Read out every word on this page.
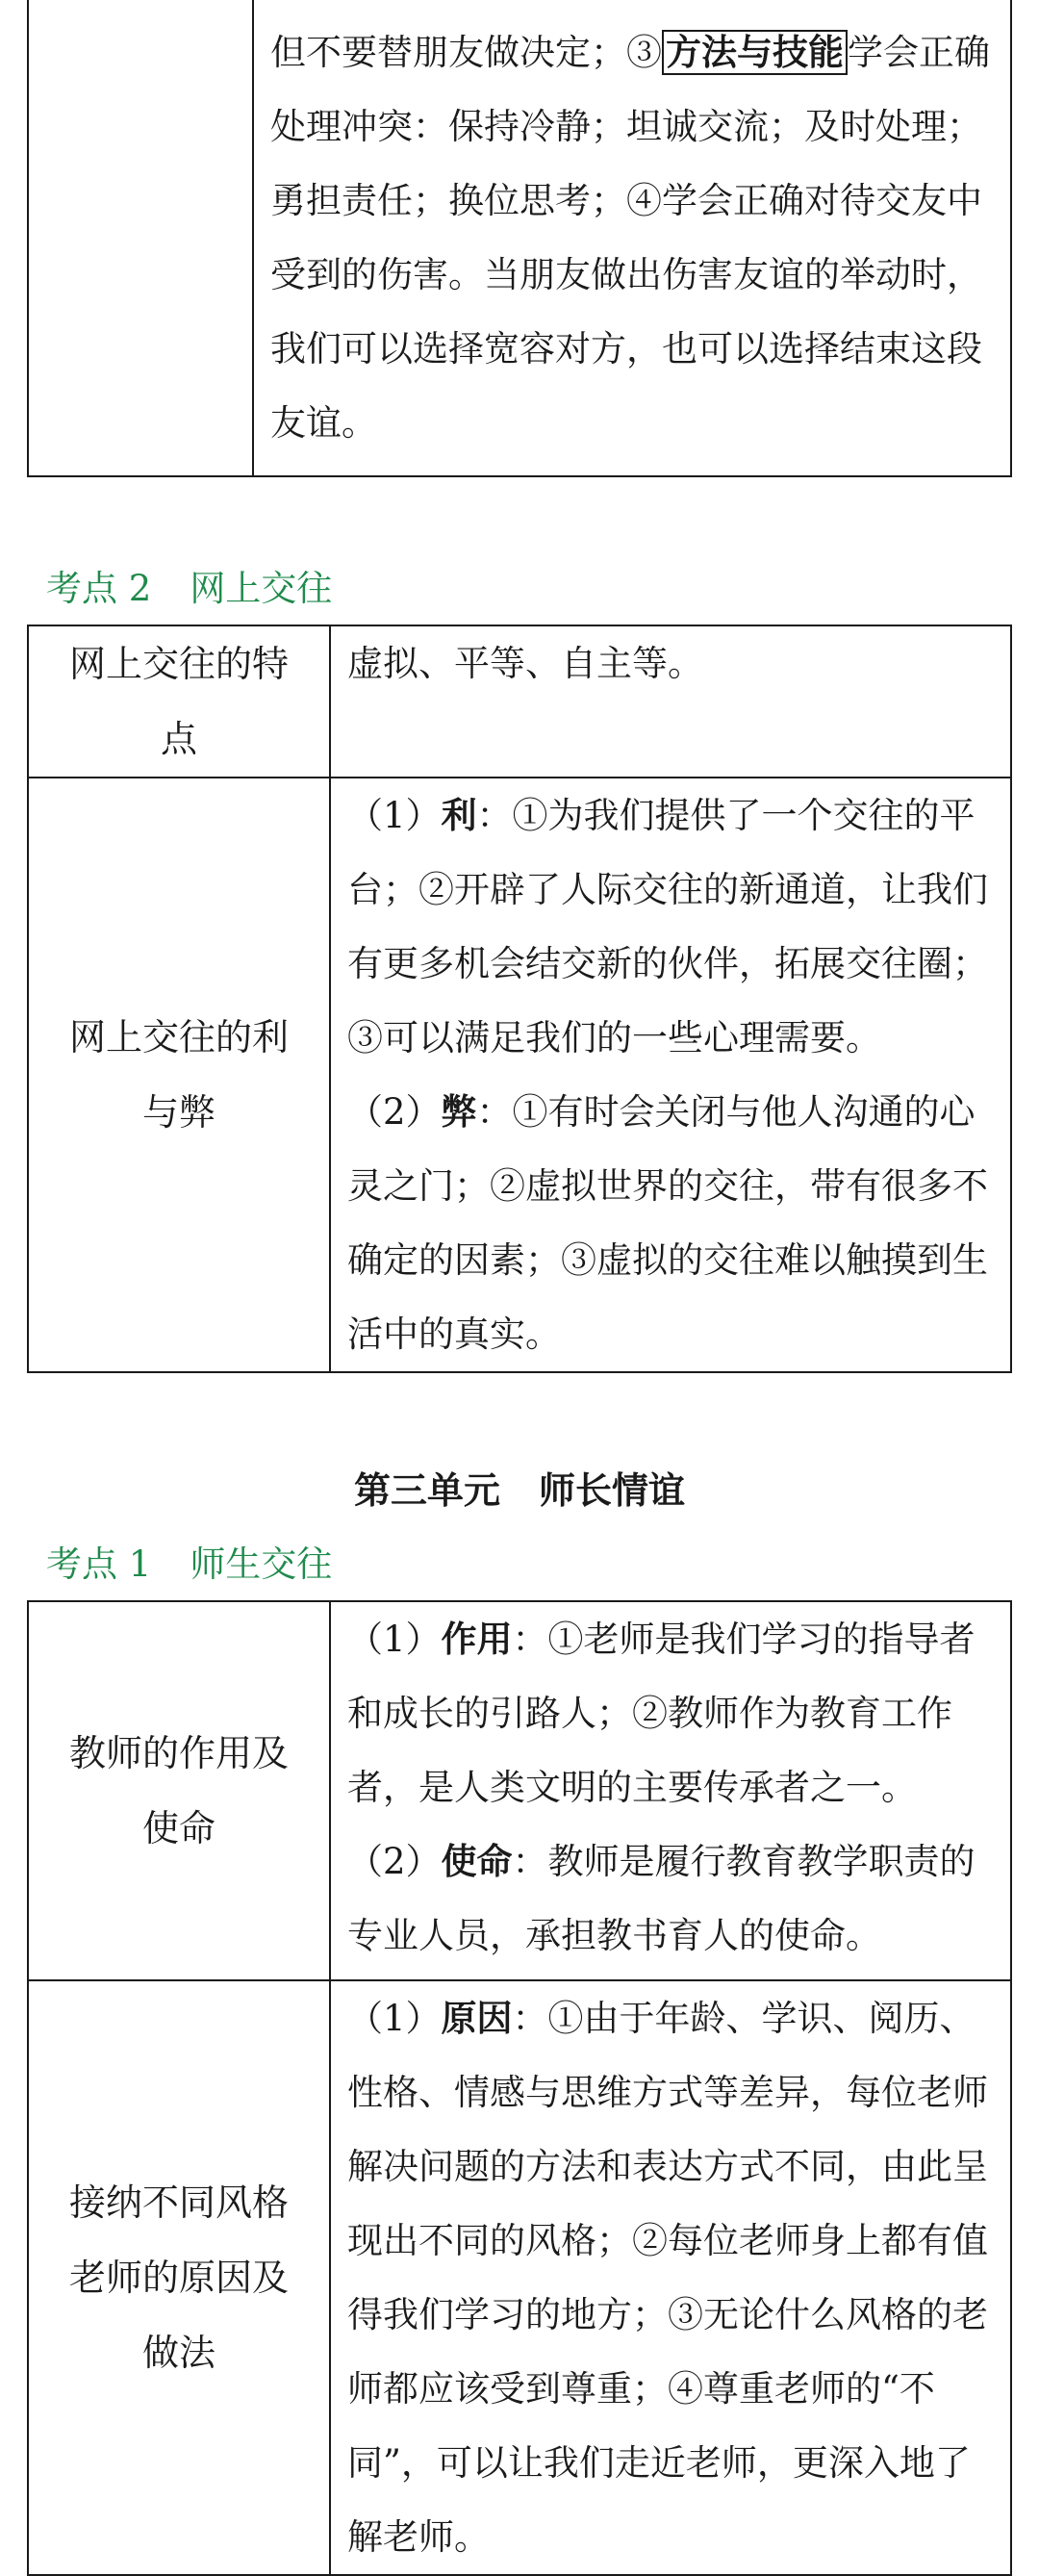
但不要替朋友做决定；③ 方法与技能 学会正确处理冲突：保持冷静；坦诚交流；及时处理；勇担责任；换位思考；④学会正确对待交友中受到的伤害。当朋友做出伤害友谊的举动时，我们可以选择宽容对方，也可以选择结束这段友谊。

考点 2 网上交往

网上交往的特点	虚拟、平等、自主等。

网上交往的利与弊	（1）利：①为我们提供了一个交往的平台；②开辟了人际交往的新通道，让我们有更多机会结交新的伙伴，拓展交往圈；③可以满足我们的一些心理需要。

（2）弊：①有时会关闭与他人沟通的心灵之门；②虚拟世界的交往，带有很多不确定的因素；③虚拟的交往难以触摸到生活中的真实。

第三单元 师长情谊

考点 1 师生交往

教师的作用及使命	（1）作用：①老师是我们学习的指导者和成长的引路人；②教师作为教育工作者，是人类文明的主要传承者之一。

（2）使命：教师是履行教育教学职责的专业人员，承担教书育人的使命。

接纳不同风格老师的原因及做法	（1）原因：①由于年龄、学识、阅历、性格、情感与思维方式等差异，每位老师解决问题的方法和表达方式不同，由此呈现出不同的风格；②每位老师身上都有值得我们学习的地方；③无论什么风格的老师都应该受到尊重；④尊重老师的“不同”，可以让我们走近老师，更深入地了解老师。
